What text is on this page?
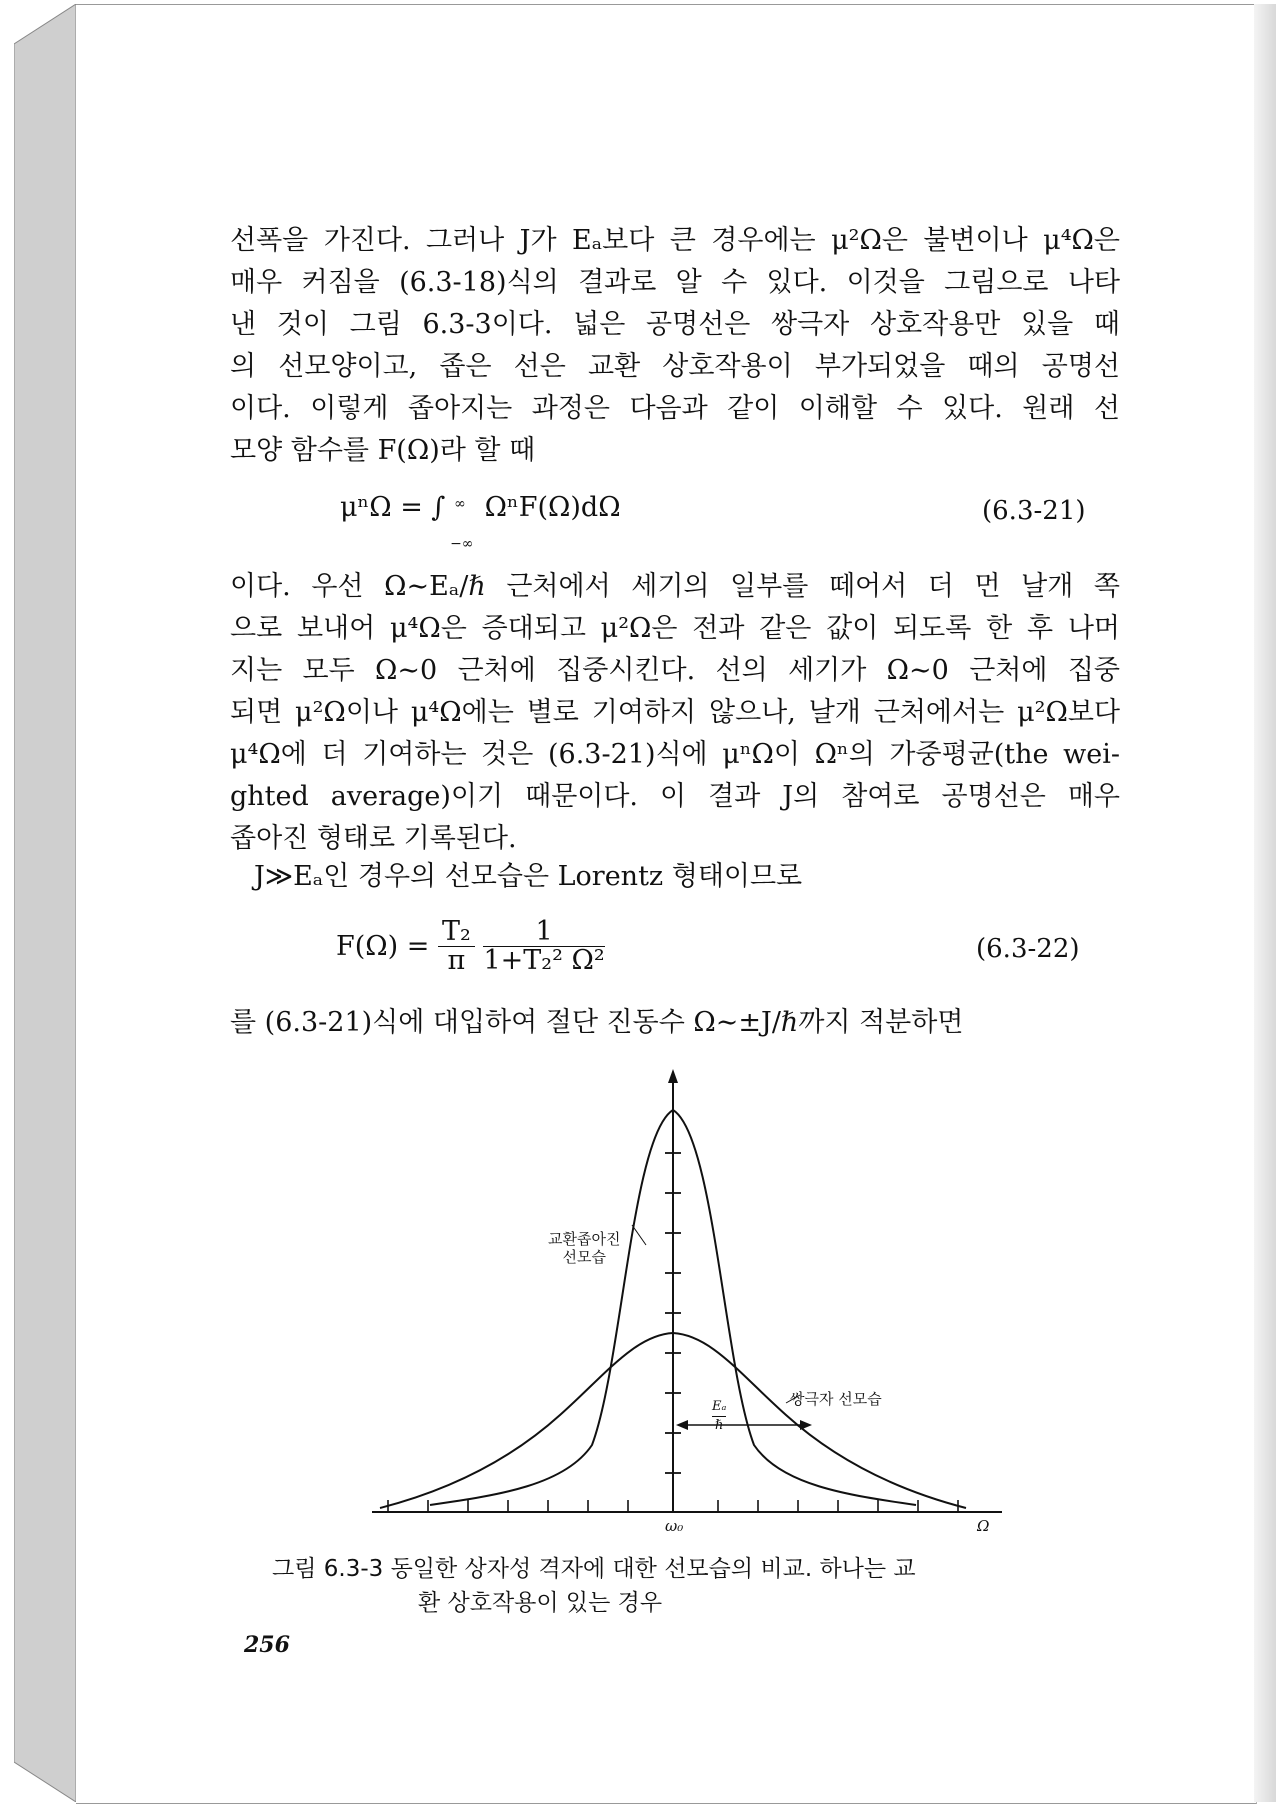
선폭을 가진다. 그러나 J가 Eₐ보다 큰 경우에는 μ²Ω은 불변이나 μ⁴Ω은
매우 커짐을 (6.3-18)식의 결과로 알 수 있다. 이것을 그림으로 나타
낸 것이 그림 6.3-3이다. 넓은 공명선은 쌍극자 상호작용만 있을 때
의 선모양이고, 좁은 선은 교환 상호작용이 부가되었을 때의 공명선
이다. 이렇게 좁아지는 과정은 다음과 같이 이해할 수 있다. 원래 선
모양 함수를 F(Ω)라 할 때
μⁿΩ = ∫ ∞
−∞
ΩⁿF(Ω)dΩ	(6.3-21)
이다. 우선 Ω∼Eₐ/ℏ 근처에서 세기의 일부를 떼어서 더 먼 날개 쪽
으로 보내어 μ⁴Ω은 증대되고 μ²Ω은 전과 같은 값이 되도록 한 후 나머
지는 모두 Ω∼0 근처에 집중시킨다. 선의 세기가 Ω∼0 근처에 집중
되면 μ²Ω이나 μ⁴Ω에는 별로 기여하지 않으나, 날개 근처에서는 μ²Ω보다
μ⁴Ω에 더 기여하는 것은 (6.3-21)식에 μⁿΩ이 Ωⁿ의 가중평균(the wei-
ghted average)이기 때문이다. 이 결과 J의 참여로 공명선은 매우
좁아진 형태로 기록된다.
J≫Eₐ인 경우의 선모습은 Lorentz 형태이므로
$F(\Omega) = \frac{\text{T₂}}{\pi}$
$\frac{1}{\text{1+T₂² Ω²}}$	(6.3-22)
를 (6.3-21)식에 대입하여 절단 진동수 Ω∼±J/ℏ까지 적분하면
교환좁아진
선모습
쌍극자 선모습
Eₐ
ℏ
ω₀	Ω
그림 6.3-3 동일한 상자성 격자에 대한 선모습의 비교. 하나는 교
환 상호작용이 있는 경우
256
